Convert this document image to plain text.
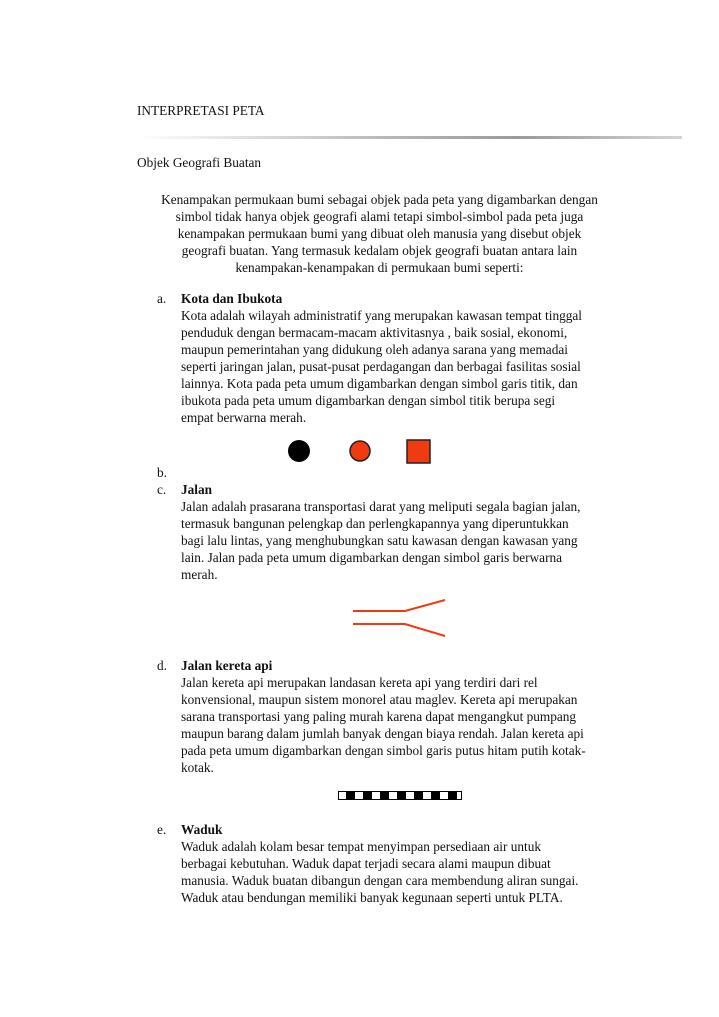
INTERPRETASI PETA
Objek Geografi Buatan
Kenampakan permukaan bumi sebagai objek pada peta yang digambarkan dengan
simbol tidak hanya objek geografi alami tetapi simbol-simbol pada peta juga
kenampakan permukaan bumi yang dibuat oleh manusia yang disebut objek
geografi buatan. Yang termasuk kedalam objek geografi buatan antara lain
kenampakan-kenampakan di permukaan bumi seperti:
a.	Kota dan Ibukota
Kota adalah wilayah administratif yang merupakan kawasan tempat tinggal
penduduk dengan bermacam-macam aktivitasnya , baik sosial, ekonomi,
maupun pemerintahan yang didukung oleh adanya sarana yang memadai
seperti jaringan jalan, pusat-pusat perdagangan dan berbagai fasilitas sosial
lainnya. Kota pada peta umum digambarkan dengan simbol garis titik, dan
ibukota pada peta umum digambarkan dengan simbol titik berupa segi
empat berwarna merah.
b.
c.	Jalan
Jalan adalah prasarana transportasi darat yang meliputi segala bagian jalan,
termasuk bangunan pelengkap dan perlengkapannya yang diperuntukkan
bagi lalu lintas, yang menghubungkan satu kawasan dengan kawasan yang
lain. Jalan pada peta umum digambarkan dengan simbol garis berwarna
merah.
d.	Jalan kereta api
Jalan kereta api merupakan landasan kereta api yang terdiri dari rel
konvensional, maupun sistem monorel atau maglev. Kereta api merupakan
sarana transportasi yang paling murah karena dapat mengangkut pumpang
maupun barang dalam jumlah banyak dengan biaya rendah. Jalan kereta api
pada peta umum digambarkan dengan simbol garis putus hitam putih kotak-
kotak.
e.	Waduk
Waduk adalah kolam besar tempat menyimpan persediaan air untuk
berbagai kebutuhan. Waduk dapat terjadi secara alami maupun dibuat
manusia. Waduk buatan dibangun dengan cara membendung aliran sungai.
Waduk atau bendungan memiliki banyak kegunaan seperti untuk PLTA.
